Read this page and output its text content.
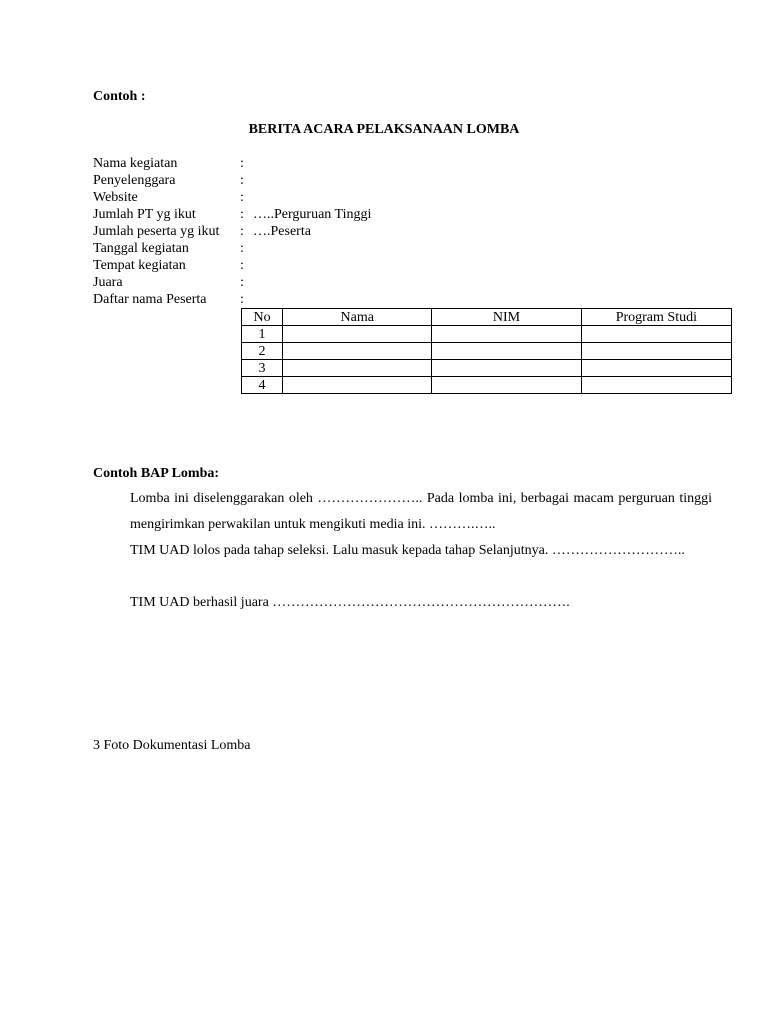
Contoh :
BERITA ACARA PELAKSANAAN LOMBA
Nama kegiatan	:
Penyelenggara	:
Website	:
Jumlah PT yg ikut	: …..Perguruan Tinggi
Jumlah peserta yg ikut : ….Peserta
Tanggal kegiatan	:
Tempat kegiatan	:
Juara	:
Daftar nama Peserta :
No	Nama	NIM	Program Studi
1			
2			
3			
4			
Contoh BAP Lomba:
Lomba ini diselenggarakan oleh ………………….. Pada lomba ini, berbagai macam perguruan tinggi mengirimkan perwakilan untuk mengikuti media ini. ……….…..
TIM UAD lolos pada tahap seleksi. Lalu masuk kepada tahap Selanjutnya. ………………………..
TIM UAD berhasil juara ……………………………………………………….
3 Foto Dokumentasi Lomba
